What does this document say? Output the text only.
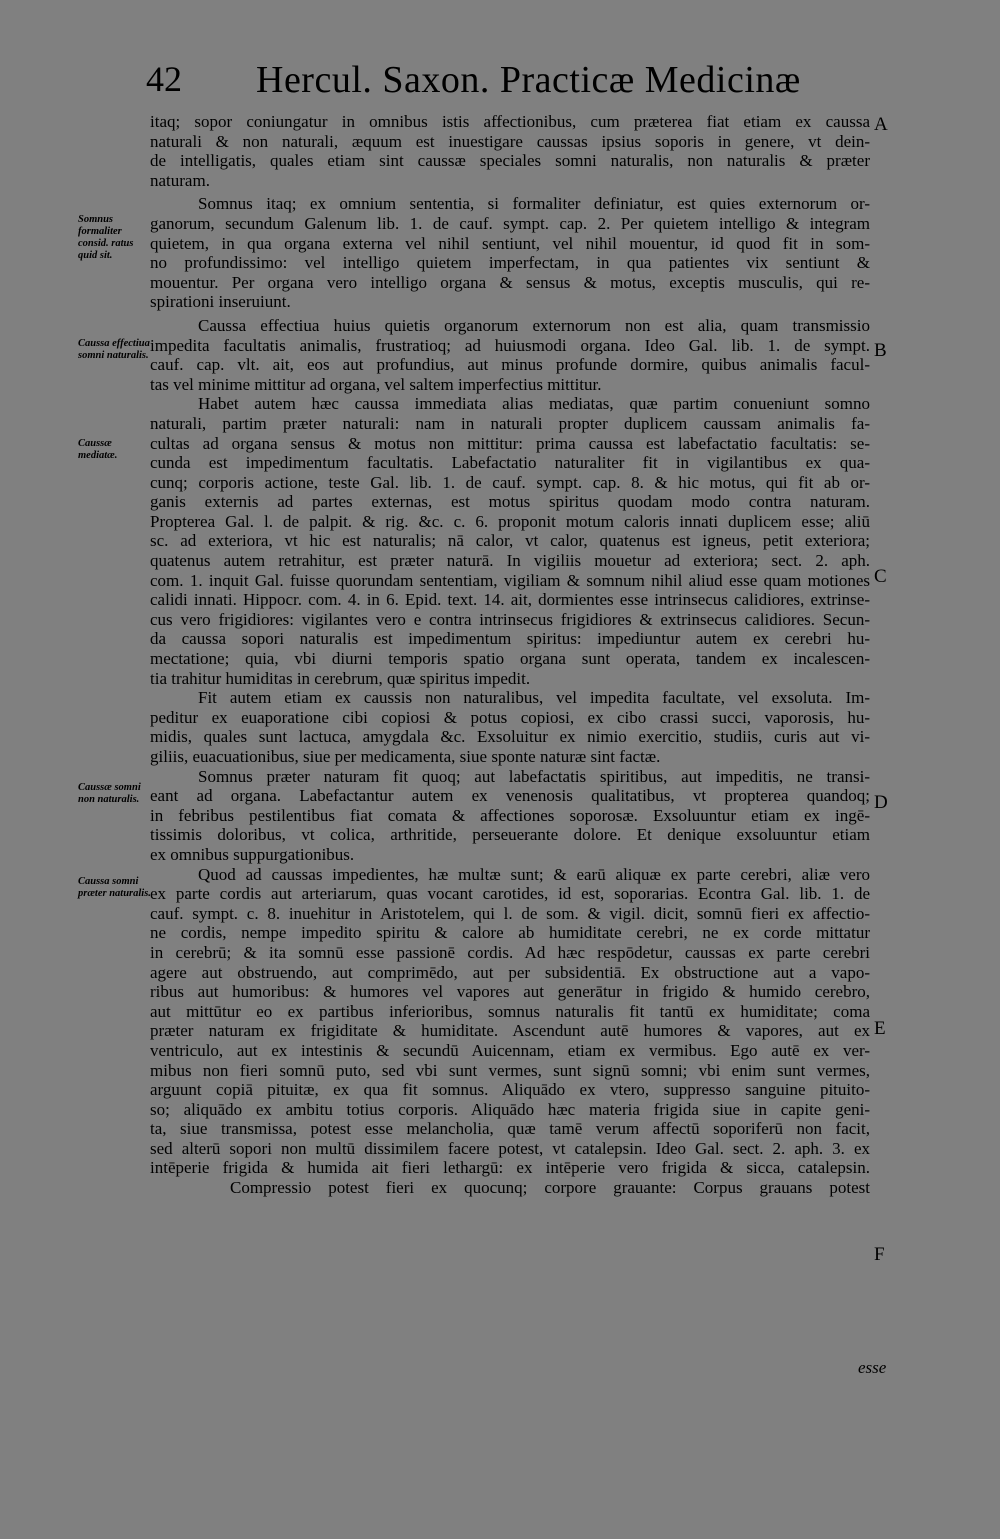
42 Hercul. Saxon. Practicæ Medicinæ
itaq; sopor coniungatur in omnibus istis affectionibus, cum præterea fiat etiam ex caussa
naturali & non naturali, æquum est inuestigare caussas ipsius soporis in genere, vt dein-
de intelligatis, quales etiam sint caussæ speciales somni naturalis, non naturalis & præter
naturam.
Somnus itaq; ex omnium sententia, si formaliter definiatur, est quies externorum or-
ganorum, secundum Galenum lib. 1. de cauf. sympt. cap. 2. Per quietem intelligo & integram
quietem, in qua organa externa vel nihil sentiunt, vel nihil mouentur, id quod fit in som-
no profundissimo: vel intelligo quietem imperfectam, in qua patientes vix sentiunt &
mouentur. Per organa vero intelligo organa & sensus & motus, exceptis musculis, qui re-
spirationi inseruiunt.
Caussa effectiua huius quietis organorum externorum non est alia, quam transmissio
impedita facultatis animalis, frustratioq; ad huiusmodi organa. Ideo Gal. lib. 1. de sympt.
cauf. cap. vlt. ait, eos aut profundius, aut minus profunde dormire, quibus animalis facul-
tas vel minime mittitur ad organa, vel saltem imperfectius mittitur.
Habet autem hæc caussa immediata alias mediatas, quæ partim conueniunt somno
naturali, partim præter naturali: nam in naturali propter duplicem caussam animalis fa-
cultas ad organa sensus & motus non mittitur: prima caussa est labefactatio facultatis: se-
cunda est impedimentum facultatis. Labefactatio naturaliter fit in vigilantibus ex qua-
cunq; corporis actione, teste Gal. lib. 1. de cauf. sympt. cap. 8. & hic motus, qui fit ab or-
ganis externis ad partes externas, est motus spiritus quodam modo contra naturam.
Propterea Gal. l. de palpit. & rig. &c. c. 6. proponit motum caloris innati duplicem esse; aliū
sc. ad exteriora, vt hic est naturalis; nā calor, vt calor, quatenus est igneus, petit exteriora;
quatenus autem retrahitur, est præter naturā. In vigiliis mouetur ad exteriora; sect. 2. aph.
com. 1. inquit Gal. fuisse quorundam sententiam, vigiliam & somnum nihil aliud esse quam motiones
calidi innati. Hippocr. com. 4. in 6. Epid. text. 14. ait, dormientes esse intrinsecus calidiores, extrinse-
cus vero frigidiores: vigilantes vero e contra intrinsecus frigidiores & extrinsecus calidiores. Secun-
da caussa sopori naturalis est impedimentum spiritus: impediuntur autem ex cerebri hu-
mectatione; quia, vbi diurni temporis spatio organa sunt operata, tandem ex incalescen-
tia trahitur humiditas in cerebrum, quæ spiritus impedit.
Fit autem etiam ex caussis non naturalibus, vel impedita facultate, vel exsoluta. Im-
peditur ex euaporatione cibi copiosi & potus copiosi, ex cibo crassi succi, vaporosis, hu-
midis, quales sunt lactuca, amygdala &c. Exsoluitur ex nimio exercitio, studiis, curis aut vi-
giliis, euacuationibus, siue per medicamenta, siue sponte naturæ sint factæ.
Somnus præter naturam fit quoq; aut labefactatis spiritibus, aut impeditis, ne transi-
eant ad organa. Labefactantur autem ex venenosis qualitatibus, vt propterea quandoq;
in febribus pestilentibus fiat comata & affectiones soporosæ. Exsoluuntur etiam ex ingē-
tissimis doloribus, vt colica, arthritide, perseuerante dolore. Et denique exsoluuntur etiam
ex omnibus suppurgationibus.
Quod ad caussas impedientes, hæ multæ sunt; & earū aliquæ ex parte cerebri, aliæ vero
ex parte cordis aut arteriarum, quas vocant carotides, id est, soporarias. Econtra Gal. lib. 1. de
cauf. sympt. c. 8. inuehitur in Aristotelem, qui l. de som. & vigil. dicit, somnū fieri ex affectio-
ne cordis, nempe impedito spiritu & calore ab humiditate cerebri, ne ex corde mittatur
in cerebrū; & ita somnū esse passionē cordis. Ad hæc respōdetur, caussas ex parte cerebri
agere aut obstruendo, aut comprimēdo, aut per subsidentiā. Ex obstructione aut a vapo-
ribus aut humoribus: & humores vel vapores aut generātur in frigido & humido cerebro,
aut mittūtur eo ex partibus inferioribus, somnus naturalis fit tantū ex humiditate; coma
præter naturam ex frigiditate & humiditate. Ascendunt autē humores & vapores, aut ex
ventriculo, aut ex intestinis & secundū Auicennam, etiam ex vermibus. Ego autē ex ver-
mibus non fieri somnū puto, sed vbi sunt vermes, sunt signū somni; vbi enim sunt vermes,
arguunt copiā pituitæ, ex qua fit somnus. Aliquādo ex vtero, suppresso sanguine pituito-
so; aliquādo ex ambitu totius corporis. Aliquādo hæc materia frigida siue in capite geni-
ta, siue transmissa, potest esse melancholia, quæ tamē verum affectū soporiferū non facit,
sed alterū sopori non multū dissimilem facere potest, vt catalepsin. Ideo Gal. sect. 2. aph. 3. ex
intēperie frigida & humida ait fieri lethargū: ex intēperie vero frigida & sicca, catalepsin.
Compressio potest fieri ex quocunq; corpore grauante: Corpus grauans potest
Somnus formaliter consid. ratus quid sit.
Caussa effectiua somni naturalis.
Caussæ mediatæ.
Caussæ somni non naturalis.
Caussa somni præter naturalis.
A
B
C
D
E
F
esse
